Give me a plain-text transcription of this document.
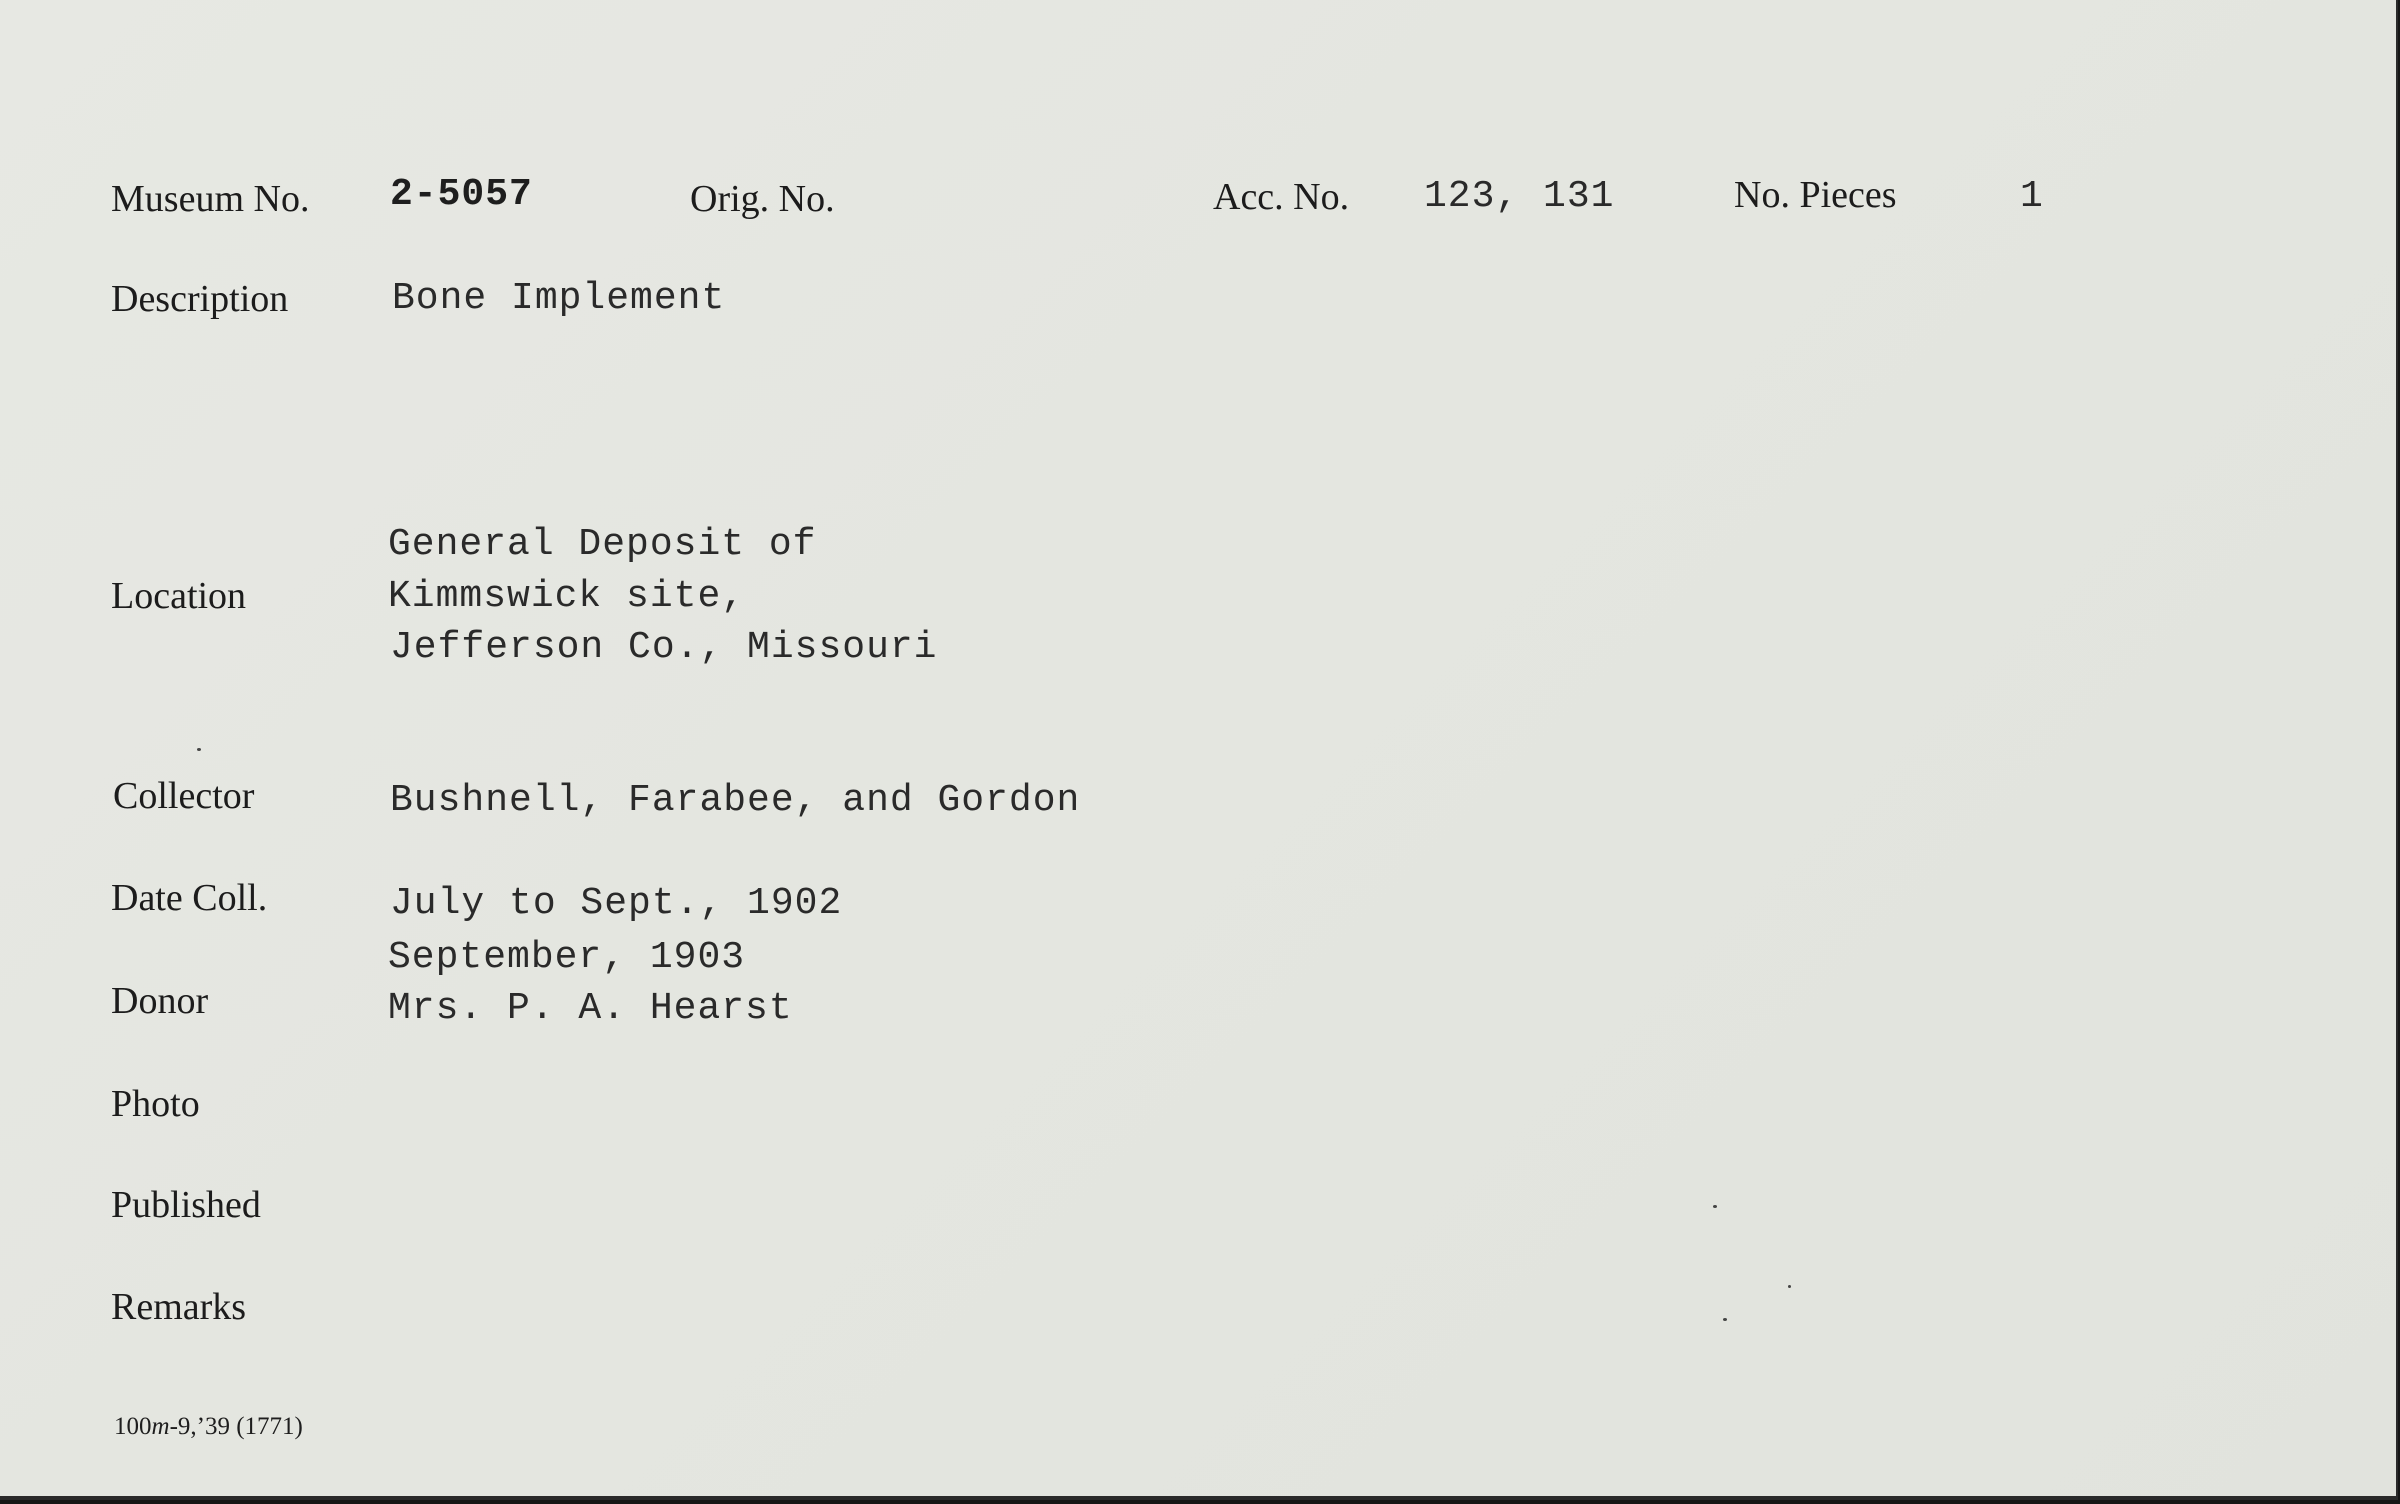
Museum No. 2-5057	Orig. No.	Acc. No. 123, 131	No. Pieces	1
Description	Bone Implement
Location
General Deposit of
Kimmswick site,
Jefferson Co., Missouri
Collector	Bushnell, Farabee, and Gordon
Date Coll.	July to Sept., 1902
September, 1903
Donor	Mrs. P. A. Hearst
Photo
Published
Remarks
100m-9,’39 (1771)
